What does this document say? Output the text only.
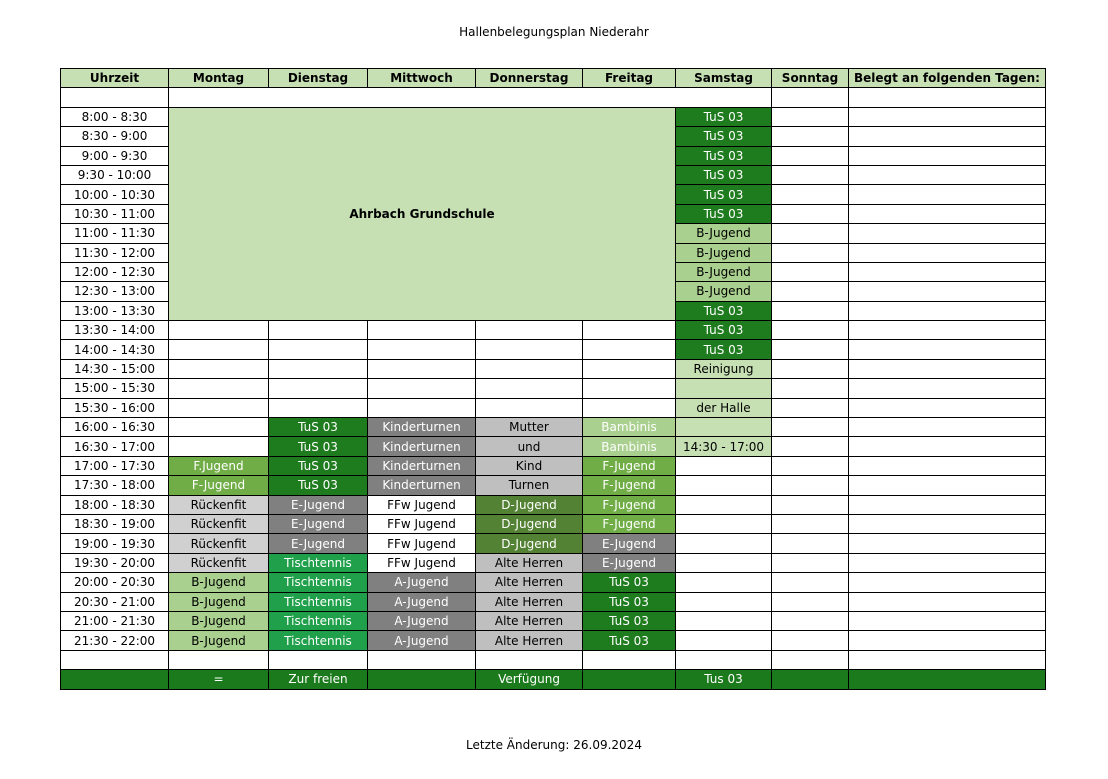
Hallenbelegungsplan Niederahr
Uhrzeit	Montag	Dienstag	Mittwoch	Donnerstag	Freitag	Samstag	Sonntag	Belegt an folgenden Tagen:

8:00 - 8:30	Ahrbach Grundschule					TuS 03		
8:30 - 9:00						TuS 03		
9:00 - 9:30						TuS 03		
9:30 - 10:00						TuS 03		
10:00 - 10:30						TuS 03		
10:30 - 11:00						TuS 03		
11:00 - 11:30						B-Jugend		
11:30 - 12:00						B-Jugend		
12:00 - 12:30						B-Jugend		
12:30 - 13:00						B-Jugend		
13:00 - 13:30						TuS 03		
13:30 - 14:00						TuS 03		
14:00 - 14:30						TuS 03		
14:30 - 15:00						Reinigung		
15:00 - 15:30								
15:30 - 16:00						der Halle		
16:00 - 16:30		TuS 03	Kinderturnen	Mutter	Bambinis			
16:30 - 17:00		TuS 03	Kinderturnen	und	Bambinis	14:30 - 17:00		
17:00 - 17:30	F.Jugend	TuS 03	Kinderturnen	Kind	F-Jugend			
17:30 - 18:00	F-Jugend	TuS 03	Kinderturnen	Turnen	F-Jugend			
18:00 - 18:30	Rückenfit	E-Jugend	FFw Jugend	D-Jugend	F-Jugend			
18:30 - 19:00	Rückenfit	E-Jugend	FFw Jugend	D-Jugend	F-Jugend			
19:00 - 19:30	Rückenfit	E-Jugend	FFw Jugend	D-Jugend	E-Jugend			
19:30 - 20:00	Rückenfit	Tischtennis	FFw Jugend	Alte Herren	E-Jugend			
20:00 - 20:30	B-Jugend	Tischtennis	A-Jugend	Alte Herren	TuS 03			
20:30 - 21:00	B-Jugend	Tischtennis	A-Jugend	Alte Herren	TuS 03			
21:00 - 21:30	B-Jugend	Tischtennis	A-Jugend	Alte Herren	TuS 03			
21:30 - 22:00	B-Jugend	Tischtennis	A-Jugend	Alte Herren	TuS 03			

	=	Zur freien		Verfügung		Tus 03		
Letzte Änderung: 26.09.2024
